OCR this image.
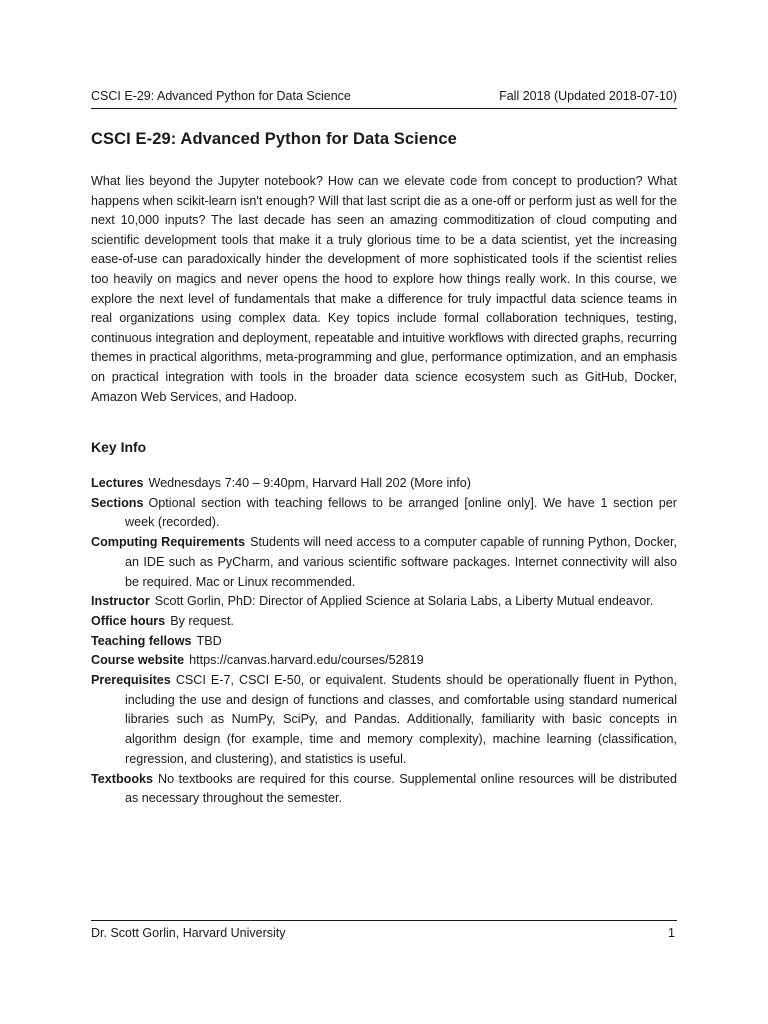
CSCI E-29: Advanced Python for Data Science	Fall 2018 (Updated 2018-07-10)
CSCI E-29: Advanced Python for Data Science

What lies beyond the Jupyter notebook? How can we elevate code from concept to production? What happens when scikit-learn isn't enough? Will that last script die as a one-off or perform just as well for the next 10,000 inputs? The last decade has seen an amazing commoditization of cloud computing and scientific development tools that make it a truly glorious time to be a data scientist, yet the increasing ease-of-use can paradoxically hinder the development of more sophisticated tools if the scientist relies too heavily on magics and never opens the hood to explore how things really work. In this course, we explore the next level of fundamentals that make a difference for truly impactful data science teams in real organizations using complex data. Key topics include formal collaboration techniques, testing, continuous integration and deployment, repeatable and intuitive workflows with directed graphs, recurring themes in practical algorithms, meta-programming and glue, performance optimization, and an emphasis on practical integration with tools in the broader data science ecosystem such as GitHub, Docker, Amazon Web Services, and Hadoop.

Key Info

Lectures Wednesdays 7:40 – 9:40pm, Harvard Hall 202 (More info)

Sections Optional section with teaching fellows to be arranged [online only]. We have 1 section per week (recorded).

Computing Requirements Students will need access to a computer capable of running Python, Docker, an IDE such as PyCharm, and various scientific software packages. Internet connectivity will also be required. Mac or Linux recommended.

Instructor Scott Gorlin, PhD: Director of Applied Science at Solaria Labs, a Liberty Mutual endeavor.

Office hours By request.

Teaching fellows TBD

Course website https://canvas.harvard.edu/courses/52819

Prerequisites CSCI E-7, CSCI E-50, or equivalent. Students should be operationally fluent in Python, including the use and design of functions and classes, and comfortable using standard numerical libraries such as NumPy, SciPy, and Pandas. Additionally, familiarity with basic concepts in algorithm design (for example, time and memory complexity), machine learning (classification, regression, and clustering), and statistics is useful.

Textbooks No textbooks are required for this course. Supplemental online resources will be distributed as necessary throughout the semester.

Dr. Scott Gorlin, Harvard University	1
